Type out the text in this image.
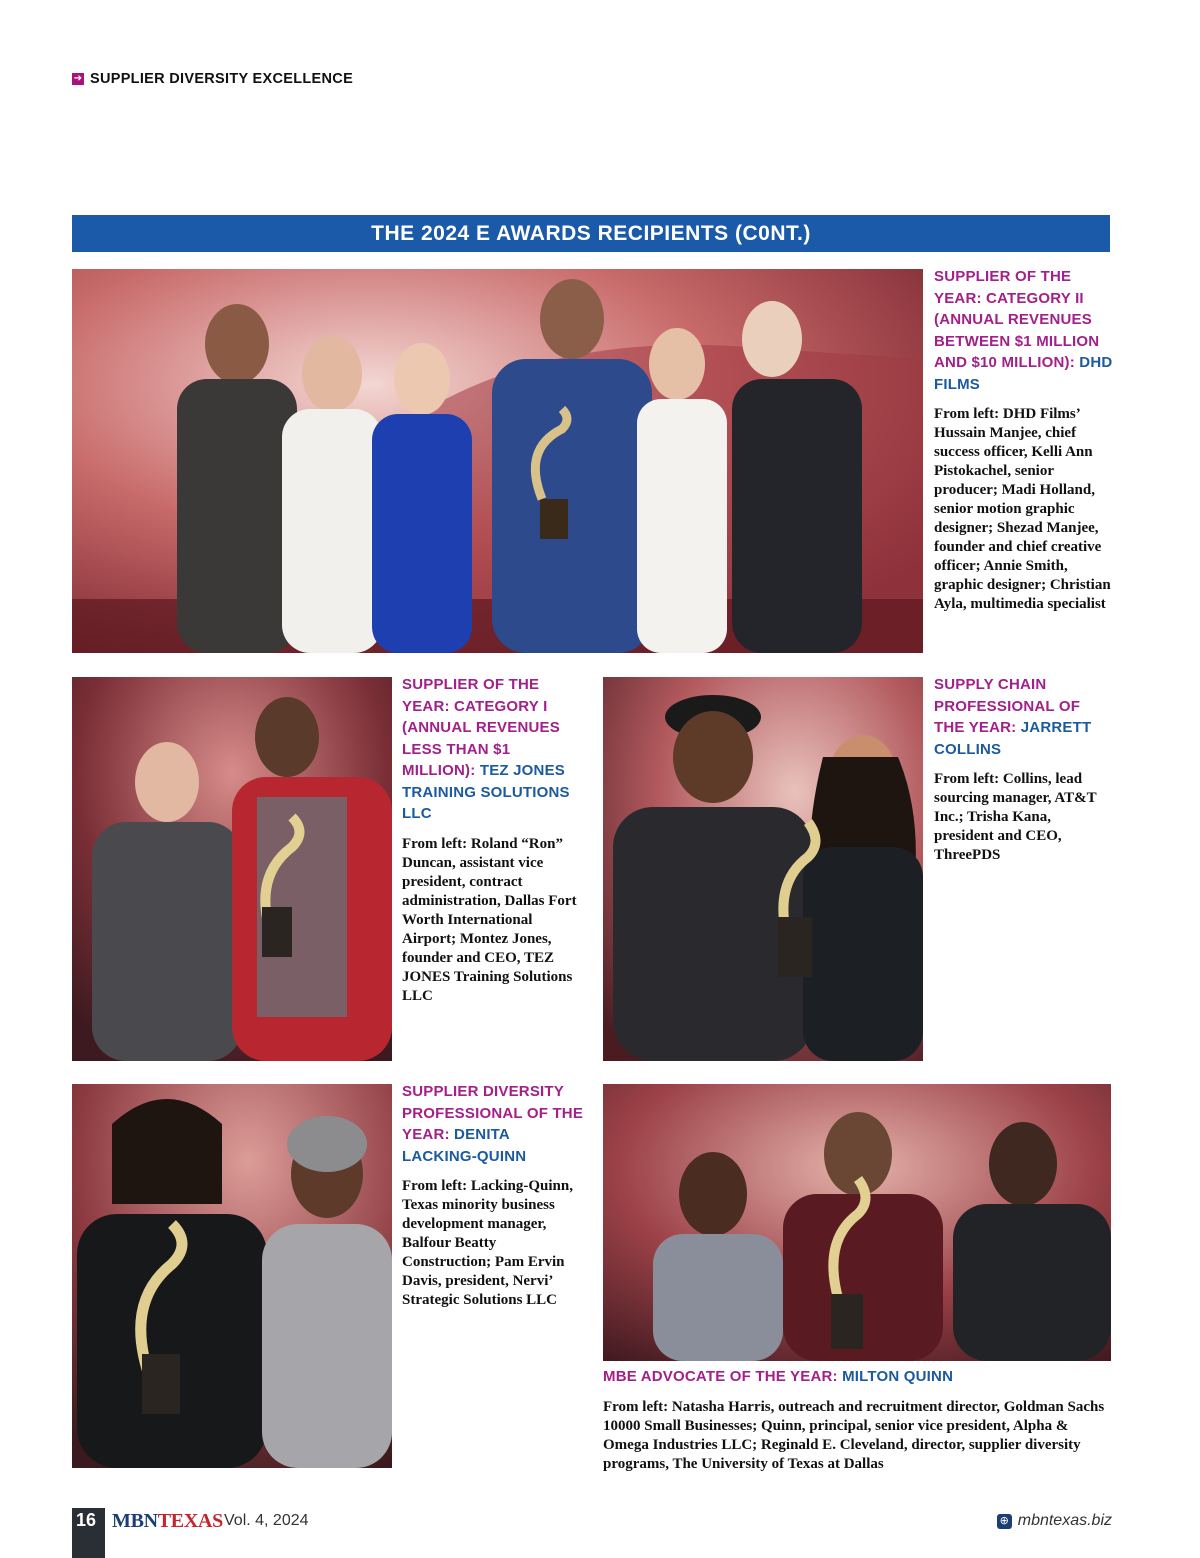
➔ SUPPLIER DIVERSITY EXCELLENCE
THE 2024 E AWARDS RECIPIENTS (C0NT.)
SUPPLIER OF THE YEAR: CATEGORY II (ANNUAL REVENUES BETWEEN $1 MILLION AND $10 MILLION): DHD FILMS
From left: DHD Films’ Hussain Manjee, chief success officer, Kelli Ann Pistokachel, senior producer; Madi Holland, senior motion graphic designer; Shezad Manjee, founder and chief creative officer; Annie Smith, graphic designer; Christian Ayla, multimedia specialist
SUPPLIER OF THE YEAR: CATEGORY I (ANNUAL REVENUES LESS THAN $1 MILLION): TEZ JONES TRAINING SOLUTIONS LLC
From left: Roland “Ron” Duncan, assistant vice president, contract administration, Dallas Fort Worth International Airport; Montez Jones, founder and CEO, TEZ JONES Training Solutions LLC
SUPPLY CHAIN PROFESSIONAL OF THE YEAR: JARRETT COLLINS
From left: Collins, lead sourcing manager, AT&T Inc.; Trisha Kana, president and CEO, ThreePDS
SUPPLIER DIVERSITY PROFESSIONAL OF THE YEAR: DENITA LACKING-QUINN
From left: Lacking-Quinn, Texas minority business development manager, Balfour Beatty Construction; Pam Ervin Davis, president, Nervi’ Strategic Solutions LLC
MBE ADVOCATE OF THE YEAR: MILTON QUINN
From left: Natasha Harris, outreach and recruitment director, Goldman Sachs 10000 Small Businesses; Quinn, principal, senior vice president, Alpha & Omega Industries LLC; Reginald E. Cleveland, director, supplier diversity programs, The University of Texas at Dallas
16 MBNTEXAS Vol. 4, 2024	⊕ mbntexas.biz
